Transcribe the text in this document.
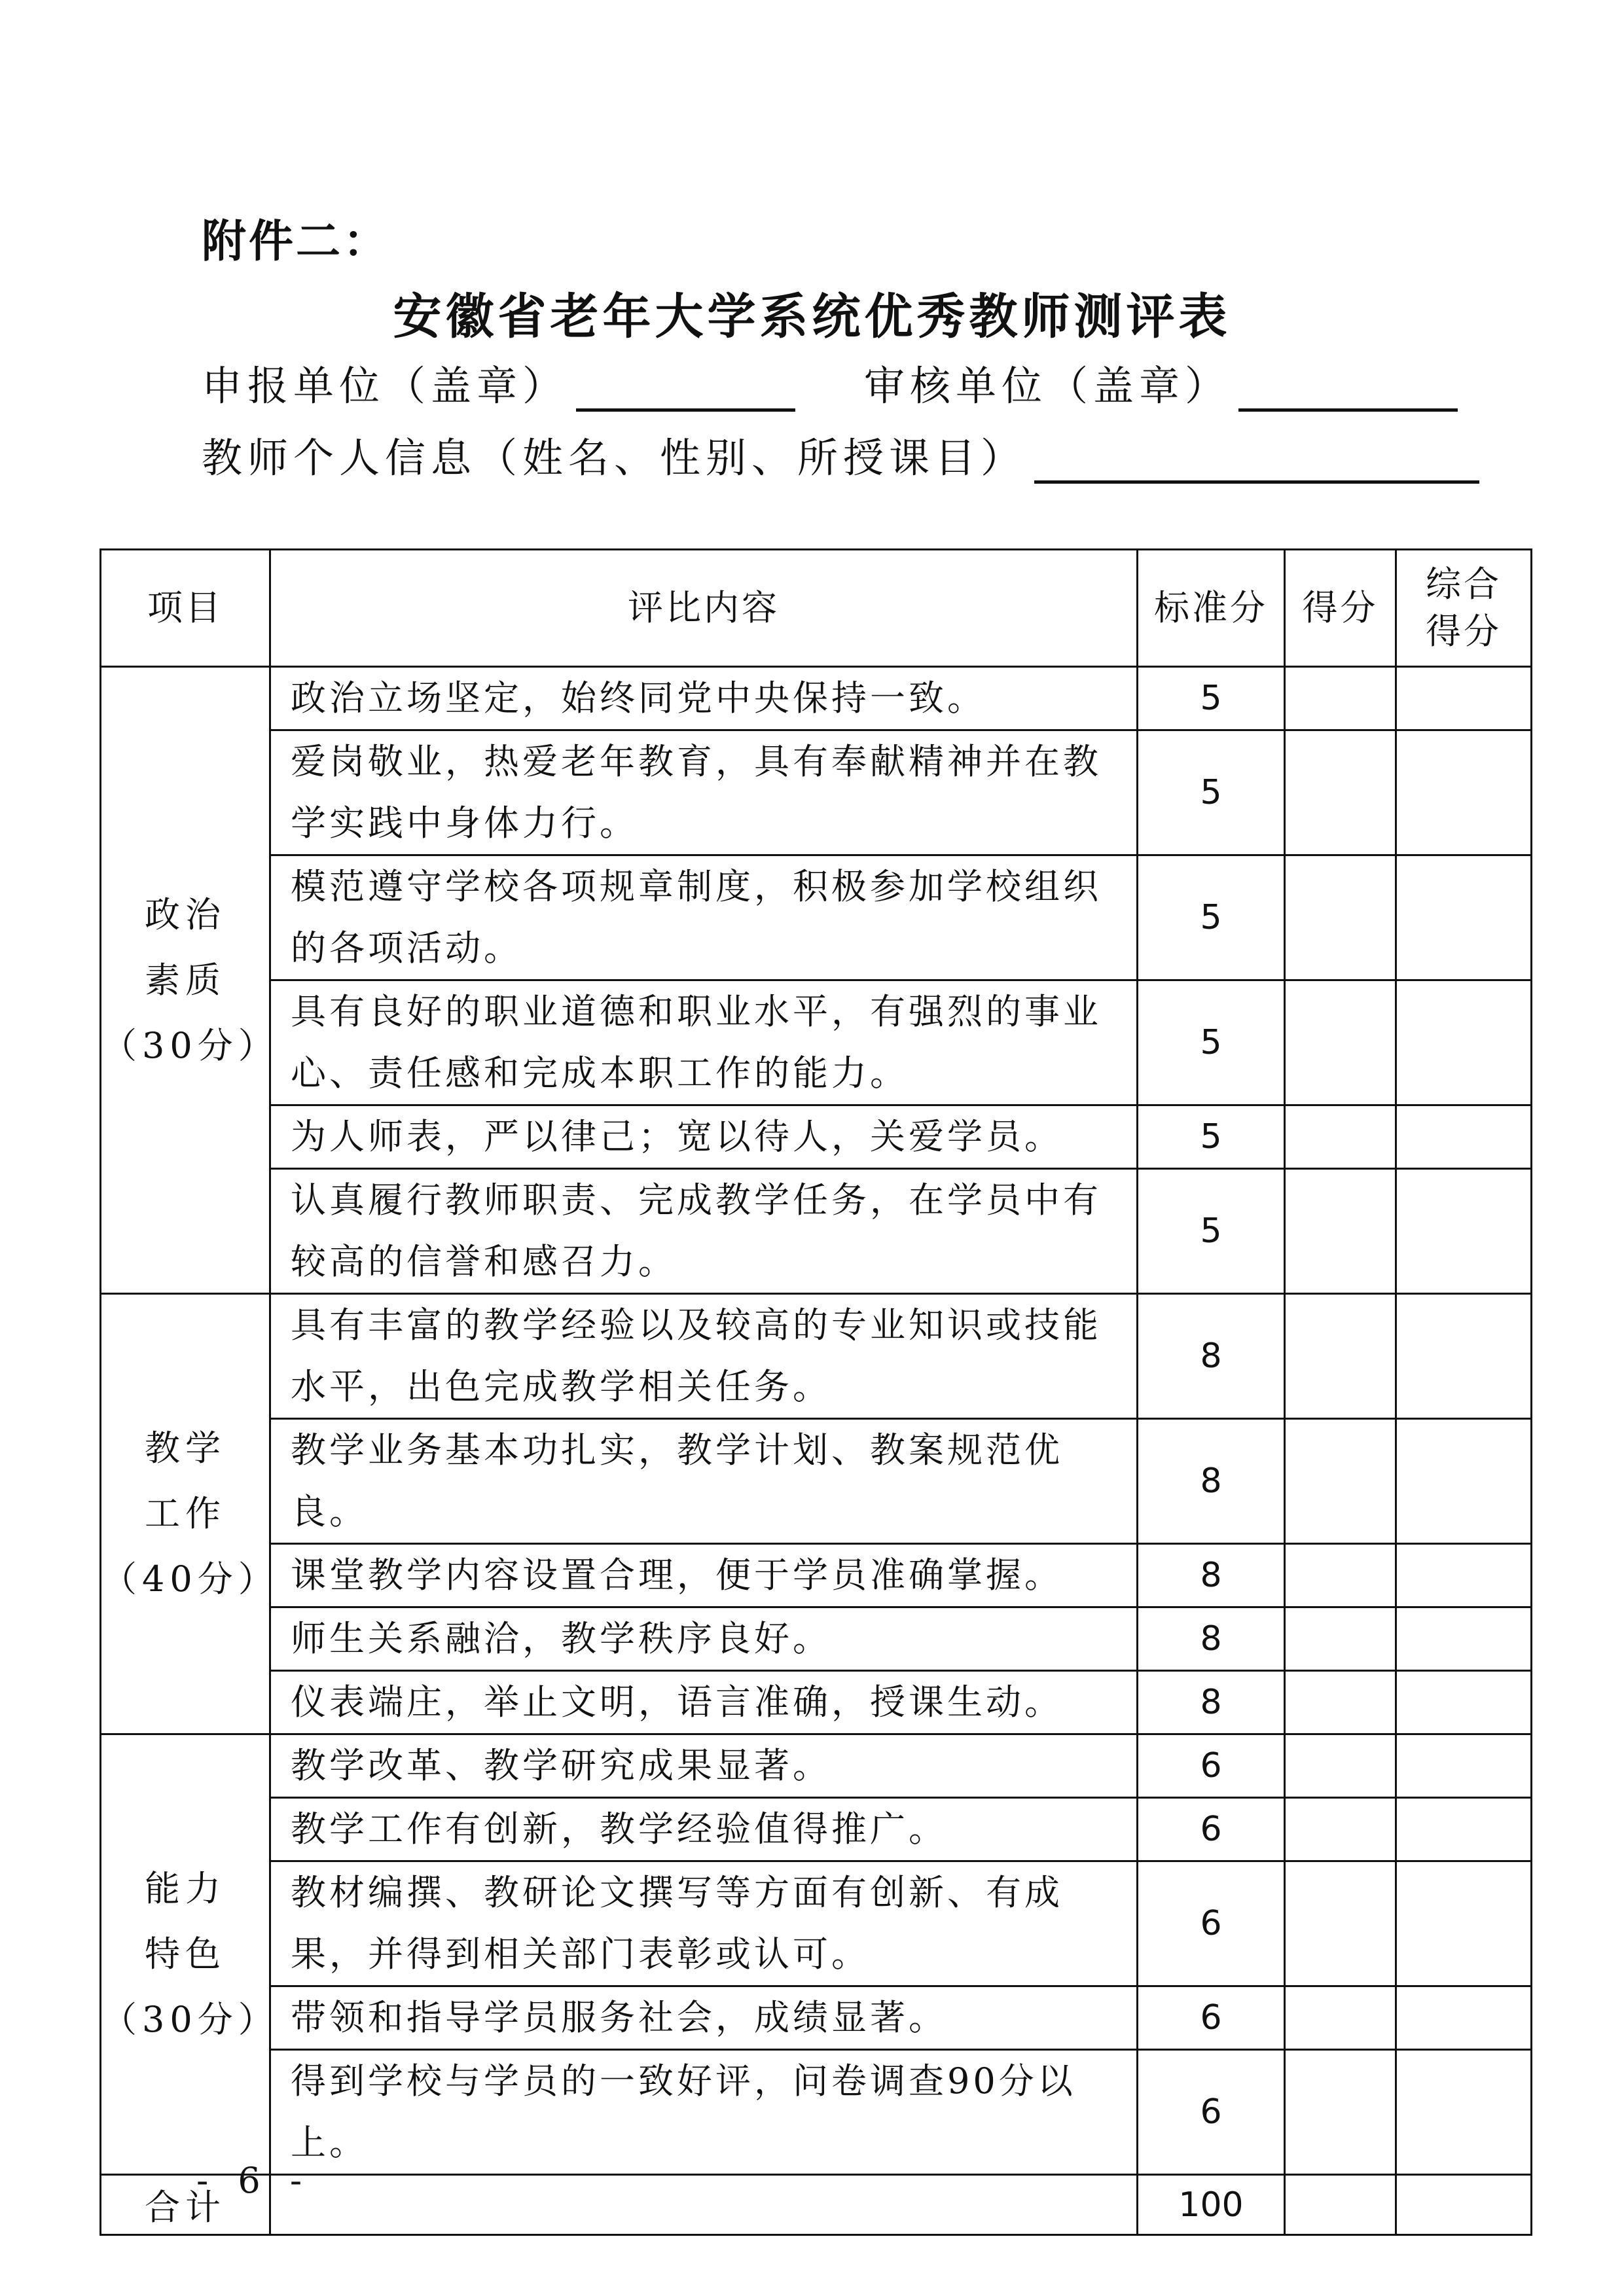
附件二：
安徽省老年大学系统优秀教师测评表
申报单位（盖章）	审核单位（盖章）
教师个人信息（姓名、性别、所授课目）
项目	评比内容	标准分	得分	综合
得分
政治
素质
（30分）	政治立场坚定，始终同党中央保持一致。	5		
	爱岗敬业，热爱老年教育，具有奉献精神并在教学实践中身体力行。	5		
	模范遵守学校各项规章制度，积极参加学校组织的各项活动。	5		
	具有良好的职业道德和职业水平，有强烈的事业心、责任感和完成本职工作的能力。	5		
	为人师表，严以律己；宽以待人，关爱学员。	5		
	认真履行教师职责、完成教学任务，在学员中有较高的信誉和感召力。	5		
教学
工作
（40分）	具有丰富的教学经验以及较高的专业知识或技能水平，出色完成教学相关任务。	8		
	教学业务基本功扎实，教学计划、教案规范优良。	8		
	课堂教学内容设置合理，便于学员准确掌握。	8		
	师生关系融洽，教学秩序良好。	8		
	仪表端庄，举止文明，语言准确，授课生动。	8		
能力
特色
（30分）	教学改革、教学研究成果显著。	6		
	教学工作有创新，教学经验值得推广。	6		
	教材编撰、教研论文撰写等方面有创新、有成果，并得到相关部门表彰或认可。	6		
	带领和指导学员服务社会，成绩显著。	6		
	得到学校与学员的一致好评，问卷调查90分以上。	6		
合计		100		
- 6 -
